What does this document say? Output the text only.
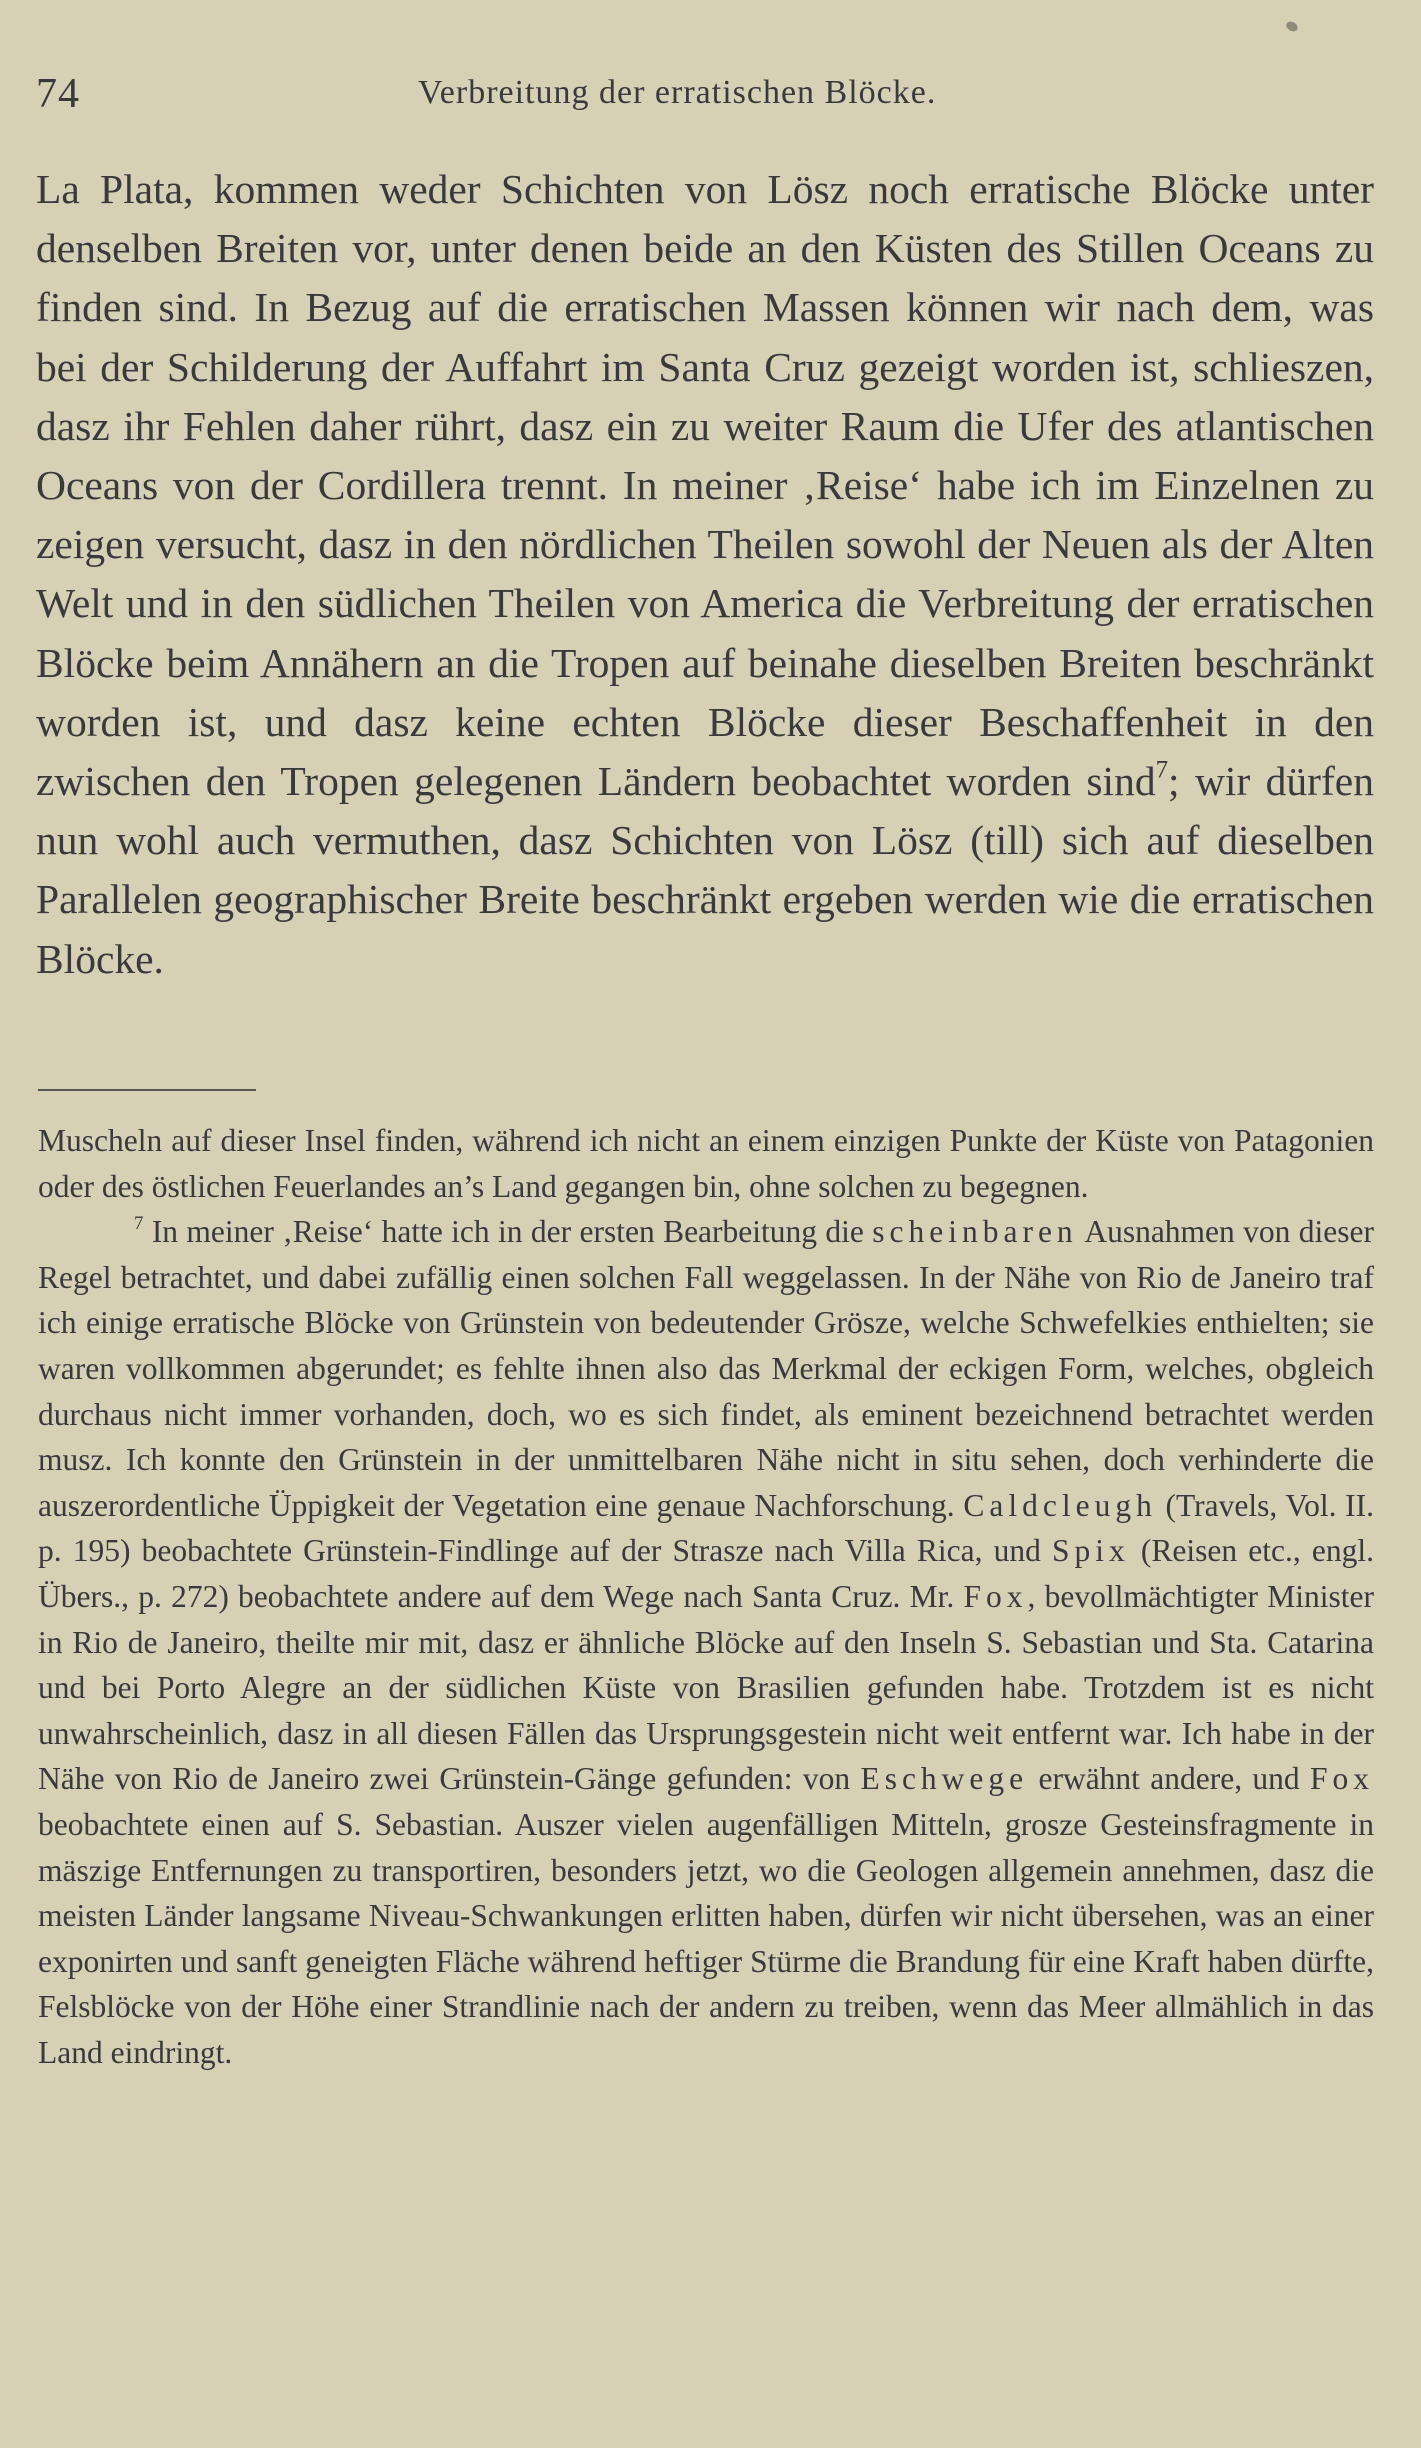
74	Verbreitung der erratischen Blöcke.

La Plata, kommen weder Schichten von Lösz noch erratische Blöcke unter denselben Breiten vor, unter denen beide an den Küsten des Stillen Oceans zu finden sind. In Bezug auf die erratischen Massen können wir nach dem, was bei der Schilderung der Auffahrt im Santa Cruz gezeigt worden ist, schlieszen, dasz ihr Fehlen daher rührt, dasz ein zu weiter Raum die Ufer des atlantischen Oceans von der Cordillera trennt. In meiner ‚Reise‘ habe ich im Einzelnen zu zeigen versucht, dasz in den nördlichen Theilen sowohl der Neuen als der Alten Welt und in den südlichen Theilen von America die Verbreitung der erratischen Blöcke beim Annähern an die Tropen auf beinahe dieselben Breiten beschränkt worden ist, und dasz keine echten Blöcke dieser Beschaffenheit in den zwischen den Tropen gelegenen Ländern beobachtet worden sind$^7$; wir dürfen nun wohl auch vermuthen, dasz Schichten von Lösz (till) sich auf dieselben Parallelen geographischer Breite beschränkt ergeben werden wie die erratischen Blöcke.

Muscheln auf dieser Insel finden, während ich nicht an einem einzigen Punkte der Küste von Patagonien oder des östlichen Feuerlandes an’s Land gegangen bin, ohne solchen zu begegnen.

$^7$ In meiner ‚Reise‘ hatte ich in der ersten Bearbeitung die scheinbaren Ausnahmen von dieser Regel betrachtet, und dabei zufällig einen solchen Fall weggelassen. In der Nähe von Rio de Janeiro traf ich einige erratische Blöcke von Grünstein von bedeutender Grösze, welche Schwefelkies enthielten; sie waren vollkommen abgerundet; es fehlte ihnen also das Merkmal der eckigen Form, welches, obgleich durchaus nicht immer vorhanden, doch, wo es sich findet, als eminent bezeichnend betrachtet werden musz. Ich konnte den Grünstein in der unmittelbaren Nähe nicht in situ sehen, doch verhinderte die auszerordentliche Üppigkeit der Vegetation eine genaue Nachforschung. Caldcleugh (Travels, Vol. II. p. 195) beobachtete Grünstein-Findlinge auf der Strasze nach Villa Rica, und Spix (Reisen etc., engl. Übers., p. 272) beobachtete andere auf dem Wege nach Santa Cruz. Mr. Fox, bevollmächtigter Minister in Rio de Janeiro, theilte mir mit, dasz er ähnliche Blöcke auf den Inseln S. Sebastian und Sta. Catarina und bei Porto Alegre an der südlichen Küste von Brasilien gefunden habe. Trotzdem ist es nicht unwahrscheinlich, dasz in all diesen Fällen das Ursprungsgestein nicht weit entfernt war. Ich habe in der Nähe von Rio de Janeiro zwei Grünstein-Gänge gefunden: von Eschwege erwähnt andere, und Fox beobachtete einen auf S. Sebastian. Auszer vielen augenfälligen Mitteln, grosze Gesteinsfragmente in mäszige Entfernungen zu transportiren, besonders jetzt, wo die Geologen allgemein annehmen, dasz die meisten Länder langsame Niveau-Schwankungen erlitten haben, dürfen wir nicht übersehen, was an einer exponirten und sanft geneigten Fläche während heftiger Stürme die Brandung für eine Kraft haben dürfte, Felsblöcke von der Höhe einer Strandlinie nach der andern zu treiben, wenn das Meer allmählich in das Land eindringt.
